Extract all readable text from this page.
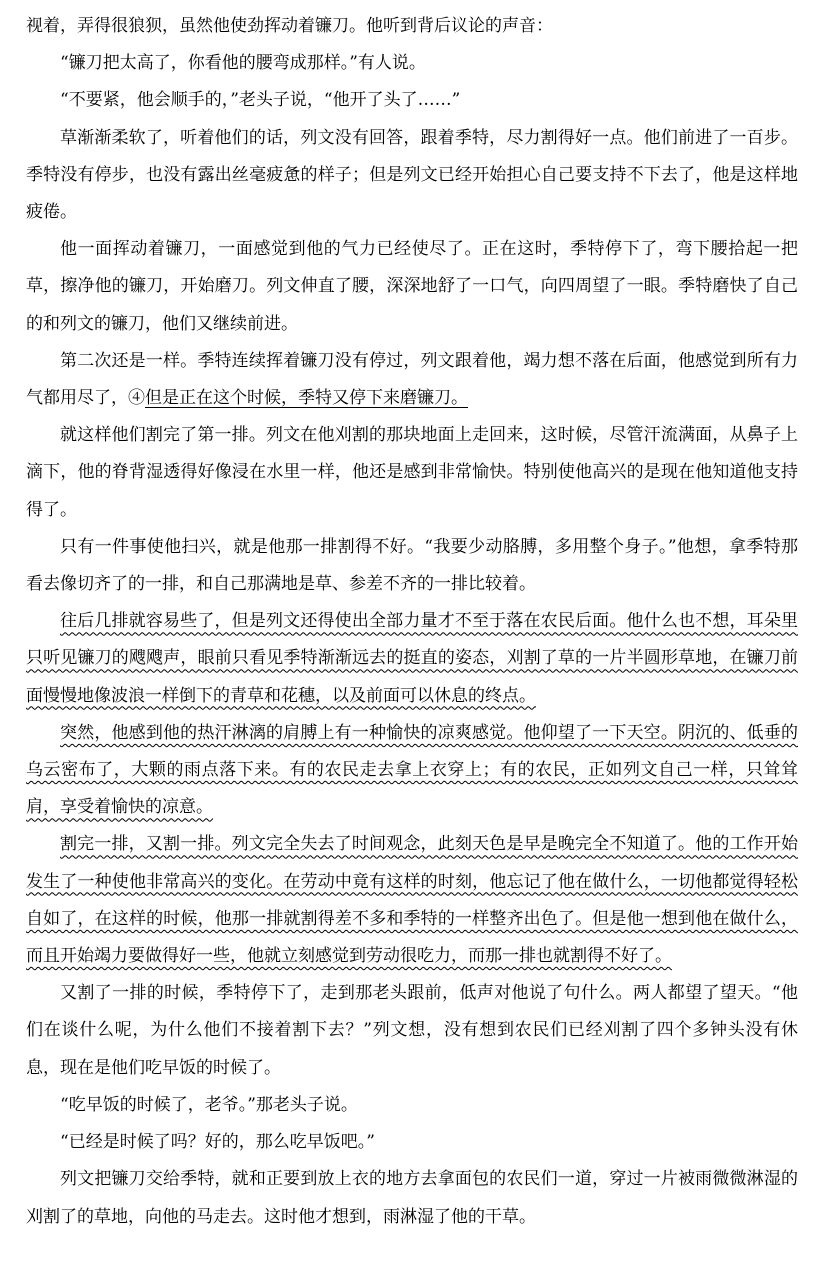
视着，弄得很狼狈，虽然他使劲挥动着镰刀。他听到背后议论的声音：

“镰刀把太高了，你看他的腰弯成那样。”有人说。

“不要紧，他会顺手的，”老头子说，“他开了头了……”

草渐渐柔软了，听着他们的话，列文没有回答，跟着季特，尽力割得好一点。他们前进了一百步。季特没有停步，也没有露出丝毫疲惫的样子；但是列文已经开始担心自己要支持不下去了，他是这样地疲倦。

他一面挥动着镰刀，一面感觉到他的气力已经使尽了。正在这时，季特停下了，弯下腰拾起一把草，擦净他的镰刀，开始磨刀。列文伸直了腰，深深地舒了一口气，向四周望了一眼。季特磨快了自己的和列文的镰刀，他们又继续前进。

第二次还是一样。季特连续挥着镰刀没有停过，列文跟着他，竭力想不落在后面，他感觉到所有力气都用尽了，④但是正在这个时候，季特又停下来磨镰刀。

就这样他们割完了第一排。列文在他刈割的那块地面上走回来，这时候，尽管汗流满面，从鼻子上滴下，他的脊背湿透得好像浸在水里一样，他还是感到非常愉快。特别使他高兴的是现在他知道他支持得了。

只有一件事使他扫兴，就是他那一排割得不好。“我要少动胳膊，多用整个身子。”他想，拿季特那看去像切齐了的一排，和自己那满地是草、参差不齐的一排比较着。

往后几排就容易些了，但是列文还得使出全部力量才不至于落在农民后面。他什么也不想，耳朵里只听见镰刀的飕飕声，眼前只看见季特渐渐远去的挺直的姿态，刈割了草的一片半圆形草地，在镰刀前面慢慢地像波浪一样倒下的青草和花穗，以及前面可以休息的终点。

突然，他感到他的热汗淋漓的肩膊上有一种愉快的凉爽感觉。他仰望了一下天空。阴沉的、低垂的乌云密布了，大颗的雨点落下来。有的农民走去拿上衣穿上；有的农民，正如列文自己一样，只耸耸肩，享受着愉快的凉意。

割完一排，又割一排。列文完全失去了时间观念，此刻天色是早是晚完全不知道了。他的工作开始发生了一种使他非常高兴的变化。在劳动中竟有这样的时刻，他忘记了他在做什么，一切他都觉得轻松自如了，在这样的时候，他那一排就割得差不多和季特的一样整齐出色了。但是他一想到他在做什么，而且开始竭力要做得好一些，他就立刻感觉到劳动很吃力，而那一排也就割得不好了。

又割了一排的时候，季特停下了，走到那老头跟前，低声对他说了句什么。两人都望了望天。“他们在谈什么呢，为什么他们不接着割下去？”列文想，没有想到农民们已经刈割了四个多钟头没有休息，现在是他们吃早饭的时候了。

“吃早饭的时候了，老爷。”那老头子说。

“已经是时候了吗？好的，那么吃早饭吧。”

列文把镰刀交给季特，就和正要到放上衣的地方去拿面包的农民们一道，穿过一片被雨微微淋湿的刈割了的草地，向他的马走去。这时他才想到，雨淋湿了他的干草。
